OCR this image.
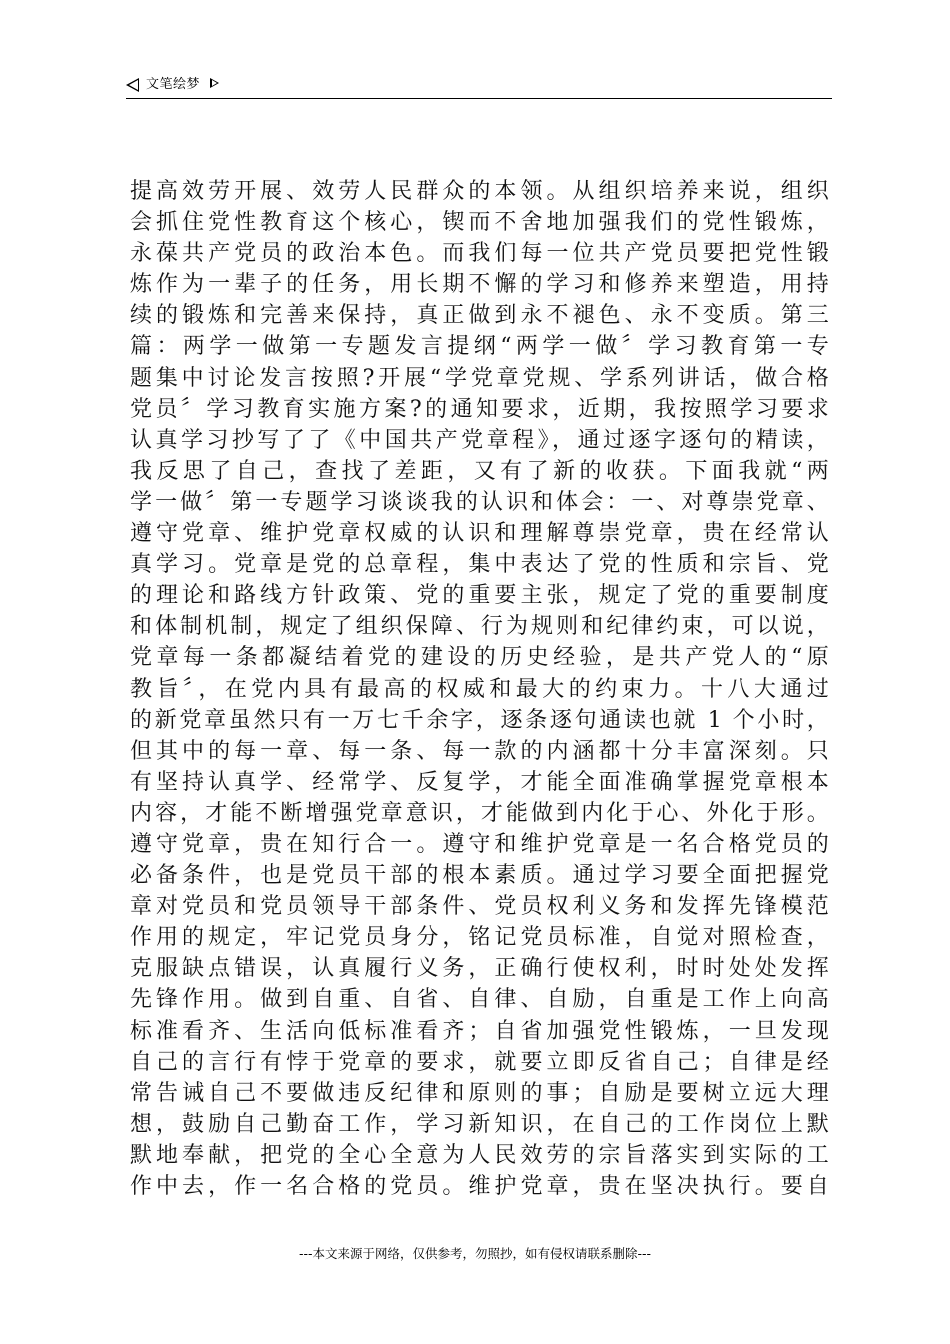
文笔绘梦
提高效劳开展、效劳人民群众的本领。从组织培养来说，组织
会抓住党性教育这个核心，锲而不舍地加强我们的党性锻炼，
永葆共产党员的政治本色。而我们每一位共产党员要把党性锻
炼作为一辈子的任务，用长期不懈的学习和修养来塑造，用持
续的锻炼和完善来保持，真正做到永不褪色、永不变质。第三
篇：两学一做第一专题发言提纲“两学一做〞学习教育第一专
题集中讨论发言按照?开展“学党章党规、学系列讲话，做合格
党员〞学习教育实施方案?的通知要求，近期，我按照学习要求
认真学习抄写了了《中国共产党章程》，通过逐字逐句的精读，
我反思了自己，查找了差距，又有了新的收获。下面我就“两
学一做〞第一专题学习谈谈我的认识和体会：一、对尊崇党章、
遵守党章、维护党章权威的认识和理解尊崇党章，贵在经常认
真学习。党章是党的总章程，集中表达了党的性质和宗旨、党
的理论和路线方针政策、党的重要主张，规定了党的重要制度
和体制机制，规定了组织保障、行为规则和纪律约束，可以说，
党章每一条都凝结着党的建设的历史经验，是共产党人的“原
教旨〞，在党内具有最高的权威和最大的约束力。十八大通过
的新党章虽然只有一万七千余字，逐条逐句通读也就 1 个小时，
但其中的每一章、每一条、每一款的内涵都十分丰富深刻。只
有坚持认真学、经常学、反复学，才能全面准确掌握党章根本
内容，才能不断增强党章意识，才能做到内化于心、外化于形。
遵守党章，贵在知行合一。遵守和维护党章是一名合格党员的
必备条件，也是党员干部的根本素质。通过学习要全面把握党
章对党员和党员领导干部条件、党员权利义务和发挥先锋模范
作用的规定，牢记党员身分，铭记党员标准，自觉对照检查，
克服缺点错误，认真履行义务，正确行使权利，时时处处发挥
先锋作用。做到自重、自省、自律、自励，自重是工作上向高
标准看齐、生活向低标准看齐；自省加强党性锻炼，一旦发现
自己的言行有悖于党章的要求，就要立即反省自己；自律是经
常告诫自己不要做违反纪律和原则的事；自励是要树立远大理
想，鼓励自己勤奋工作，学习新知识，在自己的工作岗位上默
默地奉献，把党的全心全意为人民效劳的宗旨落实到实际的工
作中去，作一名合格的党员。维护党章，贵在坚决执行。要自
---本文来源于网络，仅供参考，勿照抄，如有侵权请联系删除---
